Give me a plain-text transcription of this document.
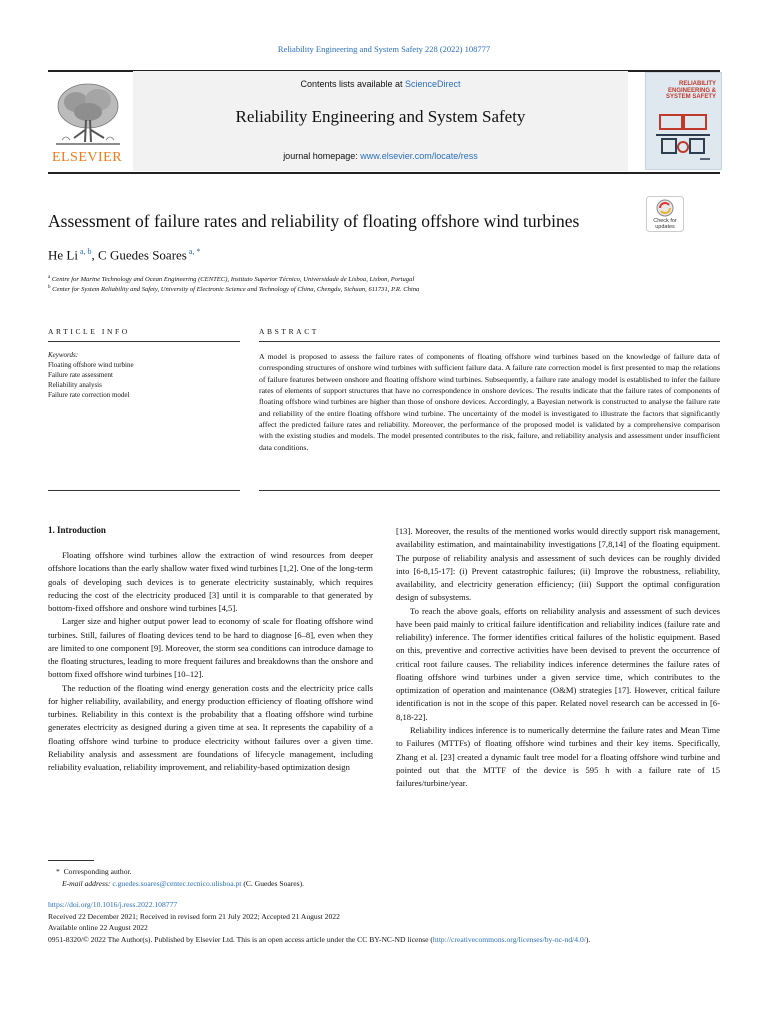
Reliability Engineering and System Safety 228 (2022) 108777
ELSEVIER
Contents lists available at ScienceDirect
Reliability Engineering and System Safety
journal homepage: www.elsevier.com/locate/ress
RELIABILITY ENGINEERING & SYSTEM SAFETY
Assessment of failure rates and reliability of floating offshore wind turbines	Check for updates
He Li $^{a, b}$, C Guedes Soares $^{a, *}$
$^a$ Centre for Marine Technology and Ocean Engineering (CENTEC), Instituto Superior Técnico, Universidade de Lisboa, Lisbon, Portugal
$^b$ Center for System Reliability and Safety, University of Electronic Science and Technology of China, Chengdu, Sichuan, 611731, P.R. China
ARTICLE INFO	ABSTRACT
Keywords:
Floating offshore wind turbine
Failure rate assessment
Reliability analysis
Failure rate correction model
A model is proposed to assess the failure rates of components of floating offshore wind turbines based on the knowledge of failure data of corresponding structures of onshore wind turbines with sufficient failure data. A failure rate correction model is first presented to map the relations of failure features between onshore and floating offshore wind turbines. Subsequently, a failure rate analogy model is established to infer the failure rates of elements of support structures that have no correspondence in onshore devices. The results indicate that the failure rates of components of floating offshore wind turbines are higher than those of onshore devices. Accordingly, a Bayesian network is constructed to analyse the failure rate and reliability of the entire floating offshore wind turbine. The uncertainty of the model is investigated to illustrate the factors that significantly affect the predicted failure rates and reliability. Moreover, the performance of the proposed model is validated by a comprehensive comparison with the existing studies and models. The model presented contributes to the risk, failure, and reliability analysis and assessment under insufficient data conditions.
1. Introduction

Floating offshore wind turbines allow the extraction of wind resources from deeper offshore locations than the early shallow water fixed wind turbines [1,2]. One of the long-term goals of developing such devices is to generate electricity sustainably, which requires reducing the cost of the electricity produced [3] until it is comparable to that generated by bottom-fixed offshore and onshore wind turbines [4,5].

Larger size and higher output power lead to economy of scale for floating offshore wind turbines. Still, failures of floating devices tend to be hard to diagnose [6–8], even when they are limited to one component [9]. Moreover, the storm sea conditions can introduce damage to the floating structures, leading to more frequent failures and breakdowns than the onshore and bottom fixed offshore wind turbines [10–12].

The reduction of the floating wind energy generation costs and the electricity price calls for higher reliability, availability, and energy production efficiency of floating offshore wind turbines. Reliability in this context is the probability that a floating offshore wind turbine generates electricity as designed during a given time at sea. It represents the capability of a floating offshore wind turbine to produce electricity without failures over a given time. Reliability analysis and assessment are foundations of lifecycle management, including reliability evaluation, reliability improvement, and reliability-based optimization design

[13]. Moreover, the results of the mentioned works would directly support risk management, availability estimation, and maintainability investigations [7,8,14] of the floating equipment. The purpose of reliability analysis and assessment of such devices can be roughly divided into [6-8,15-17]: (i) Prevent catastrophic failures; (ii) Improve the robustness, reliability, availability, and electricity generation efficiency; (iii) Support the optimal configuration design of subsystems.

To reach the above goals, efforts on reliability analysis and assessment of such devices have been paid mainly to critical failure identification and reliability indices (failure rate and reliability) inference. The former identifies critical failures of the holistic equipment. Based on this, preventive and corrective activities have been devised to prevent the occurrence of critical root failure causes. The reliability indices inference determines the failure rates of floating offshore wind turbines under a given service time, which contributes to the optimization of operation and maintenance (O&M) strategies [17]. However, critical failure identification is not in the scope of this paper. Related novel research can be accessed in [6-8,18-22].

Reliability indices inference is to numerically determine the failure rates and Mean Time to Failures (MTTFs) of floating offshore wind turbines and their key items. Specifically, Zhang et al. [23] created a dynamic fault tree model for a floating offshore wind turbine and pointed out that the MTTF of the device is 595 h with a failure rate of 15 failures/turbine/year.

* Corresponding author.
E-mail address: c.guedes.soares@centec.tecnico.ulisboa.pt (C. Guedes Soares).
https://doi.org/10.1016/j.ress.2022.108777
Received 22 December 2021; Received in revised form 21 July 2022; Accepted 21 August 2022
Available online 22 August 2022
0951-8320/© 2022 The Author(s). Published by Elsevier Ltd. This is an open access article under the CC BY-NC-ND license (http://creativecommons.org/licenses/by-nc-nd/4.0/).
